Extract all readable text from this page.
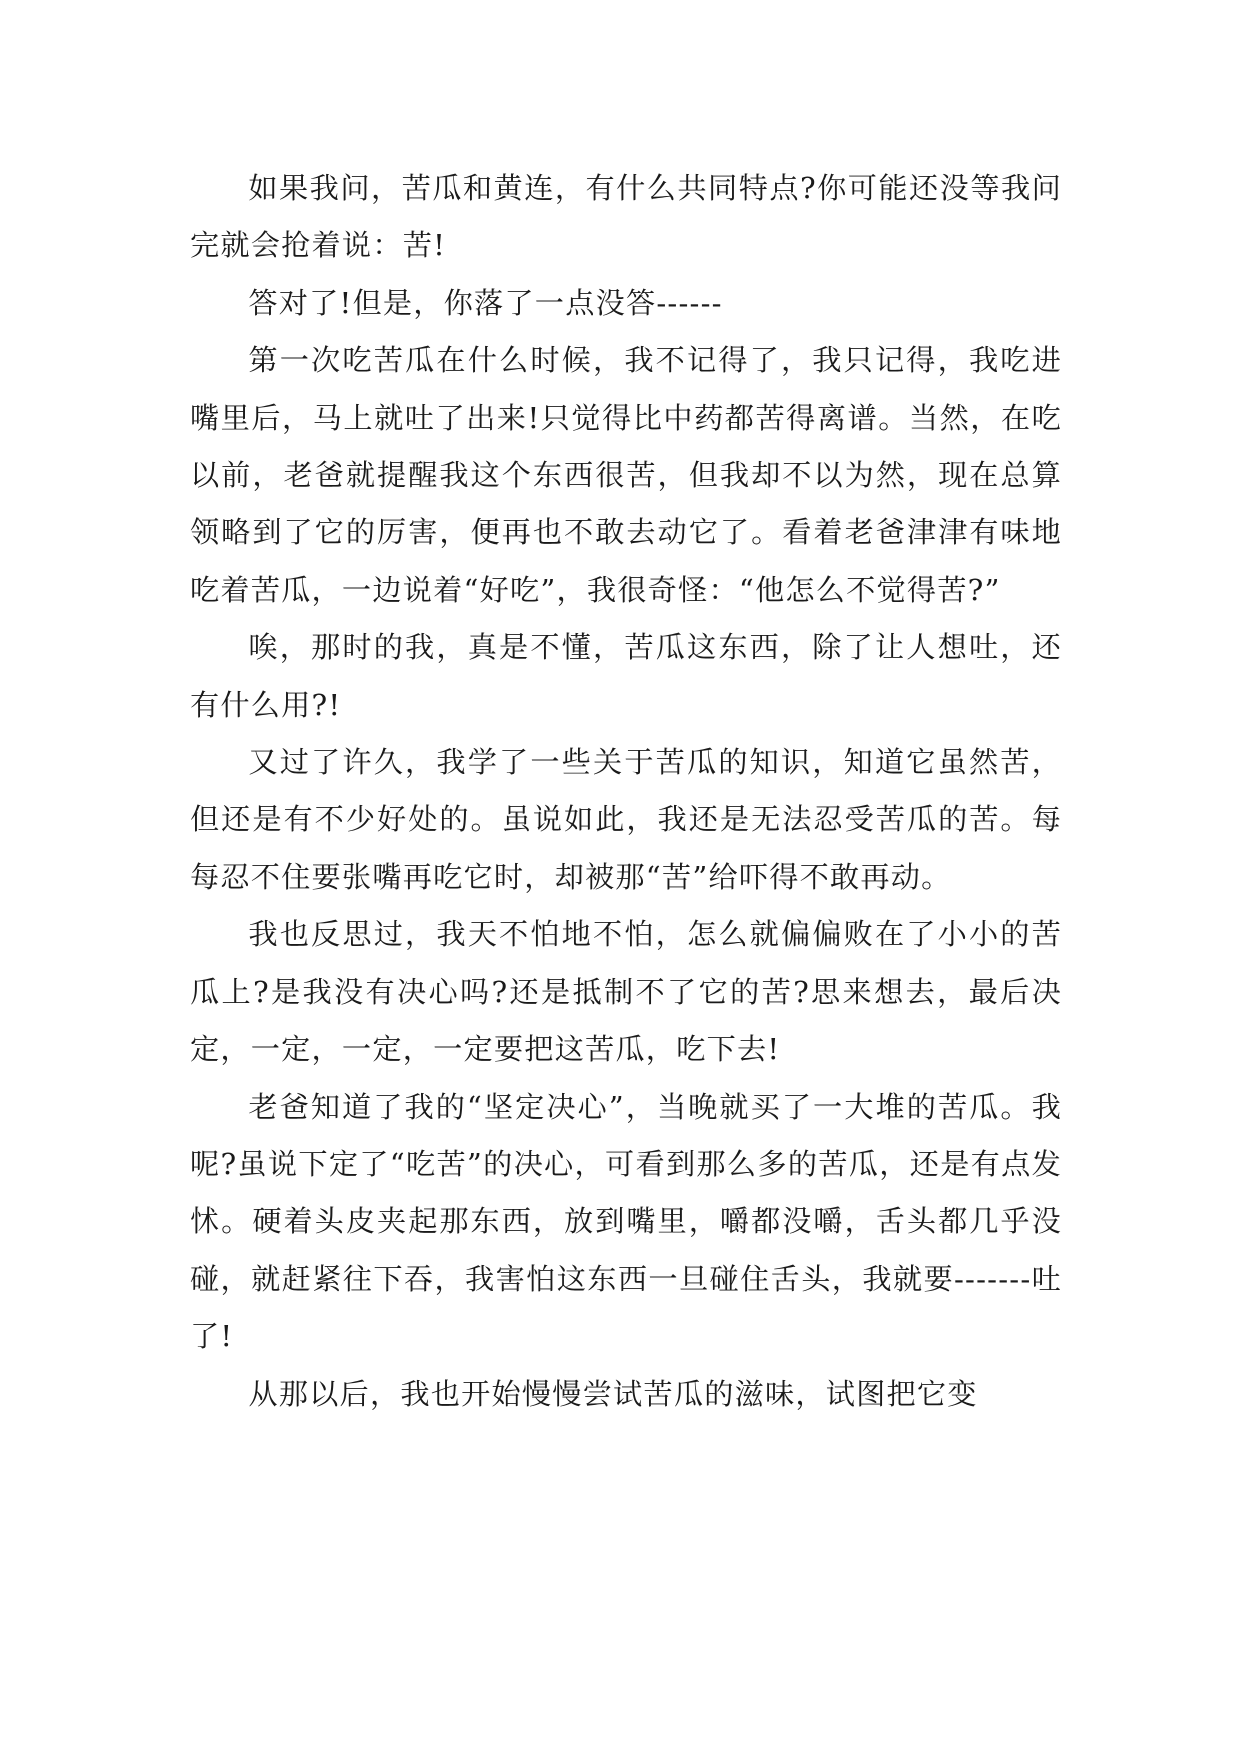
如果我问，苦瓜和黄连，有什么共同特点?你可能还没等我问完就会抢着说：苦!

答对了!但是，你落了一点没答------

第一次吃苦瓜在什么时候，我不记得了，我只记得，我吃进嘴里后，马上就吐了出来!只觉得比中药都苦得离谱。当然，在吃以前，老爸就提醒我这个东西很苦，但我却不以为然，现在总算领略到了它的厉害，便再也不敢去动它了。看着老爸津津有味地吃着苦瓜，一边说着“好吃”，我很奇怪：“他怎么不觉得苦?”

唉，那时的我，真是不懂，苦瓜这东西，除了让人想吐，还有什么用?!

又过了许久，我学了一些关于苦瓜的知识，知道它虽然苦，但还是有不少好处的。虽说如此，我还是无法忍受苦瓜的苦。每每忍不住要张嘴再吃它时，却被那“苦”给吓得不敢再动。

我也反思过，我天不怕地不怕，怎么就偏偏败在了小小的苦瓜上?是我没有决心吗?还是抵制不了它的苦?思来想去，最后决定，一定，一定，一定要把这苦瓜，吃下去!

老爸知道了我的“坚定决心”，当晚就买了一大堆的苦瓜。我呢?虽说下定了“吃苦”的决心，可看到那么多的苦瓜，还是有点发怵。硬着头皮夹起那东西，放到嘴里，嚼都没嚼，舌头都几乎没碰，就赶紧往下吞，我害怕这东西一旦碰住舌头，我就要-------吐了!

从那以后，我也开始慢慢尝试苦瓜的滋味，试图把它变
